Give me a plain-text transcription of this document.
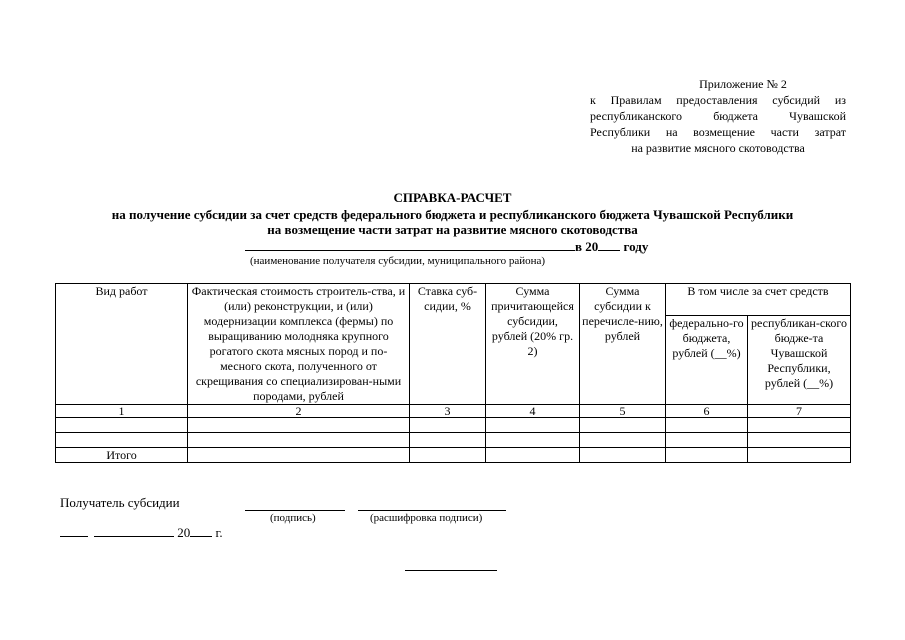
Приложение № 2
к Правилам предоставления субсидий из
республиканского бюджета Чувашской
Республики на возмещение части затрат
на развитие мясного скотоводства
СПРАВКА-РАСЧЕТ
на получение субсидии за счет средств федерального бюджета и республиканского бюджета Чувашской Республики
на возмещение части затрат на развитие мясного скотоводства
в 20 году
(наименование получателя субсидии, муниципального района)
Вид работ	Фактическая стоимость строитель-ства, и (или) реконструкции, и (или) модернизации комплекса (фермы) по выращиванию молодняка крупного рогатого скота мясных пород и по-месного скота, полученного от скрещивания со специализирован-ными породами, рублей	Ставка суб-сидии, %	Сумма причитающейся субсидии, рублей (20% гр. 2)	Сумма субсидии к перечисле-нию, рублей	В том числе за счет средств	
					федерально-го бюджета, рублей (__%)	республикан-ского бюдже-та Чувашской Республики, рублей (__%)
1	2	3	4	5	6	7

Итого						
Получатель субсидии
(подпись)	(расшифровка подписи)
20 г.
